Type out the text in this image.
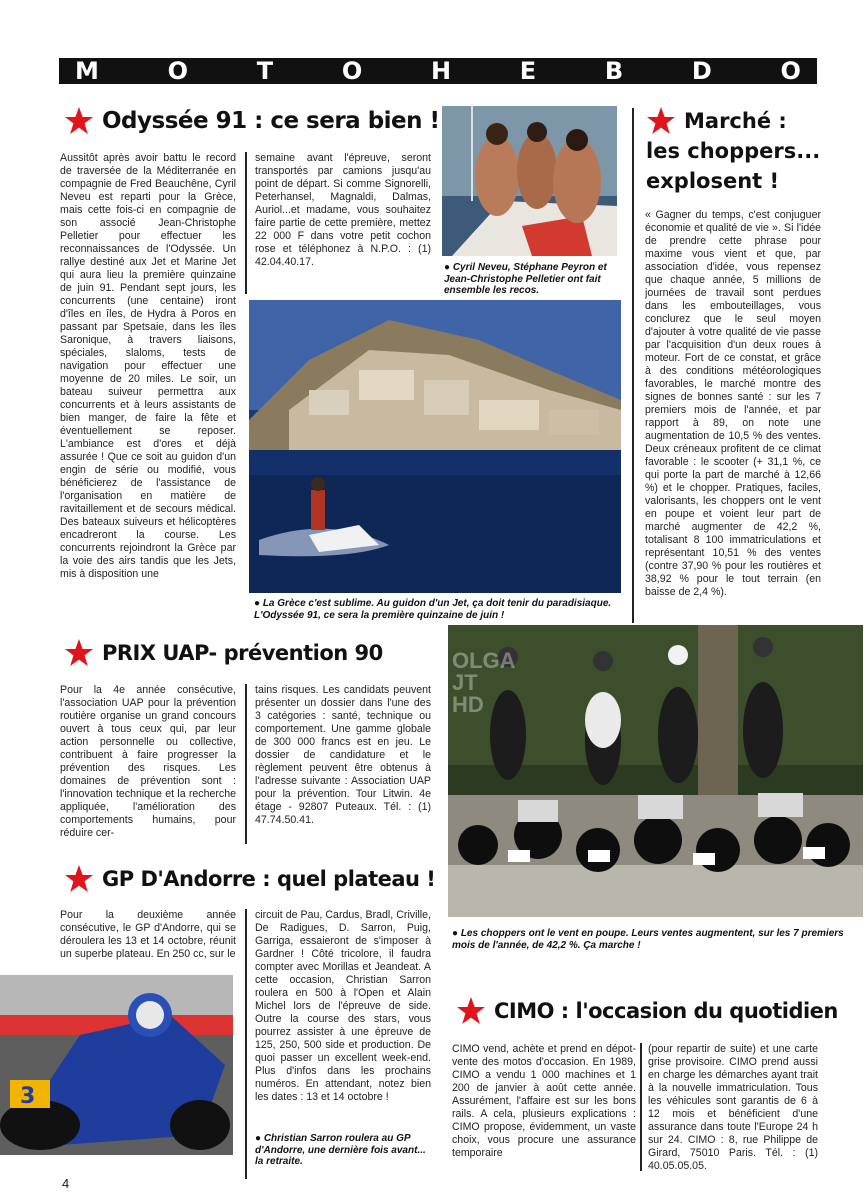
M	O	T	O	H	E	B	D	O
Odyssée 91 : ce sera bien !
Aussitôt après avoir battu le record de traversée de la Méditerranée en compagnie de Fred Beauchêne, Cyril Neveu est reparti pour la Grèce, mais cette fois-ci en compagnie de son associé Jean-Christophe Pelletier pour effectuer les reconnaissances de l'Odyssée. Un rallye destiné aux Jet et Marine Jet qui aura lieu la première quinzaine de juin 91. Pendant sept jours, les concurrents (une centaine) iront d'îles en îles, de Hydra à Poros en passant par Spetsaie, dans les îles Saronique, à travers liaisons, spéciales, slaloms, tests de navigation pour effectuer une moyenne de 20 miles. Le soir, un bateau suiveur permettra aux concurrents et à leurs assistants de bien manger, de faire la fête et éventuellement se reposer. L'ambiance est d'ores et déjà assurée ! Que ce soit au guidon d'un engin de série ou modifié, vous bénéficierez de l'assistance de l'organisation en matière de ravitaillement et de secours médical. Des bateaux suiveurs et hélicoptères encadreront la course. Les concurrents rejoindront la Grèce par la voie des airs tandis que les Jets, mis à disposition une
semaine avant l'épreuve, seront transportés par camions jusqu'au point de départ. Si comme Signorelli, Peterhansel, Magnaldi, Dalmas, Auriol...et madame, vous souhaitez faire partie de cette première, mettez 22 000 F dans votre petit cochon rose et téléphonez à N.P.O. : (1) 42.04.40.17.	● Cyril Neveu, Stéphane Peyron et Jean-Christophe Pelletier ont fait ensemble les recos.
● La Grèce c'est sublime. Au guidon d'un Jet, ça doit tenir du paradisiaque. L'Odyssée 91, ce sera la première quinzaine de juin !
Marché :
les choppers...
explosent !
« Gagner du temps, c'est conjuguer économie et qualité de vie ». Si l'idée de prendre cette phrase pour maxime vous vient et que, par association d'idée, vous repensez que chaque année, 5 millions de journées de travail sont perdues dans les embouteillages, vous conclurez que le seul moyen d'ajouter à votre qualité de vie passe par l'acquisition d'un deux roues à moteur. Fort de ce constat, et grâce à des conditions météorologiques favorables, le marché montre des signes de bonnes santé : sur les 7 premiers mois de l'année, et par rapport à 89, on note une augmentation de 10,5 % des ventes. Deux créneaux profitent de ce climat favorable : le scooter (+ 31,1 %, ce qui porte la part de marché à 12,66 %) et le chopper. Pratiques, faciles, valorisants, les choppers ont le vent en poupe et voient leur part de marché augmenter de 42,2 %, totalisant 8 100 immatriculations et représentant 10,51 % des ventes (contre 37,90 % pour les routières et 38,92 % pour le tout terrain (en baisse de 2,4 %).
PRIX UAP- prévention 90
Pour la 4e année consécutive, l'association UAP pour la prévention routière organise un grand concours ouvert à tous ceux qui, par leur action personnelle ou collective, contribuent à faire progresser la prévention des risques. Les domaines de prévention sont : l'innovation technique et la recherche appliquée, l'amélioration des comportements humains, pour réduire cer-
tains risques. Les candidats peuvent présenter un dossier dans l'une des 3 catégories : santé, technique ou comportement. Une gamme globale de 300 000 francs est en jeu. Le dossier de candidature et le règlement peuvent être obtenus à l'adresse suivante : Association UAP pour la prévention. Tour Litwin. 4e étage - 92807 Puteaux. Tél. : (1) 47.74.50.41.
OLGA JT HD
● Les choppers ont le vent en poupe. Leurs ventes augmentent, sur les 7 premiers mois de l'année, de 42,2 %. Ça marche !
GP D'Andorre : quel plateau !
Pour la deuxième année consécutive, le GP d'Andorre, qui se déroulera les 13 et 14 octobre, réunit un superbe plateau. En 250 cc, sur le
circuit de Pau, Cardus, Bradl, Criville, De Radigues, D. Sarron, Puig, Garriga, essaieront de s'imposer à Gardner ! Côté tricolore, il faudra compter avec Morillas et Jeandeat. A cette occasion, Christian Sarron roulera en 500 à l'Open et Alain Michel lors de l'épreuve de side. Outre la course des stars, vous pourrez assister à une épreuve de 125, 250, 500 side et production. De quoi passer un excellent week-end. Plus d'infos dans les prochains numéros. En attendant, notez bien les dates : 13 et 14 octobre !
3
● Christian Sarron roulera au GP d'Andorre, une dernière fois avant... la retraite.
CIMO : l'occasion du quotidien
CIMO vend, achète et prend en dépot-vente des motos d'occasion. En 1989, CIMO a vendu 1 000 machines et 1 200 de janvier à août cette année. Assurément, l'affaire est sur les bons rails. A cela, plusieurs explications : CIMO propose, évidemment, un vaste choix, vous procure une assurance temporaire
(pour repartir de suite) et une carte grise provisoire. CIMO prend aussi en charge les démarches ayant trait à la nouvelle immatriculation. Tous les véhicules sont garantis de 6 à 12 mois et bénéficient d'une assurance dans toute l'Europe 24 h sur 24. CIMO : 8, rue Philippe de Girard, 75010 Paris. Tél. : (1) 40.05.05.05.
4
